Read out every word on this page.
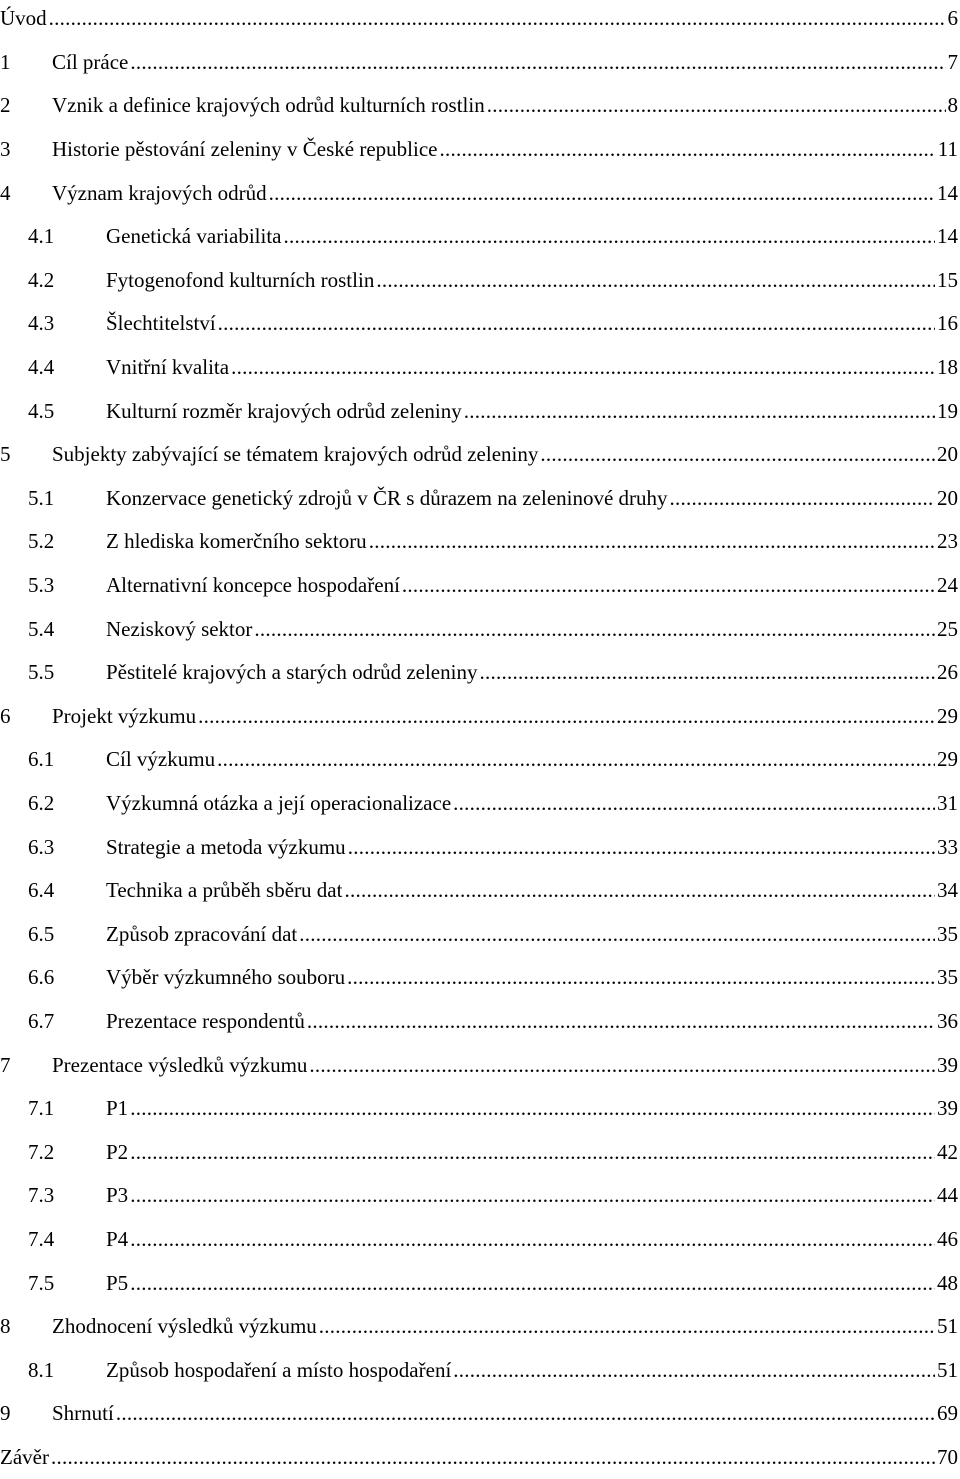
Úvod . . .	6
1	Cíl práce . . .	7
2	Vznik a definice krajových odrůd kulturních rostlin . . .	8
3	Historie pěstování zeleniny v České republice . . .	11
4	Význam krajových odrůd . . .	14
4.1	Genetická variabilita . . .	14
4.2	Fytogenofond kulturních rostlin . . .	15
4.3	Šlechtitelství . . .	16
4.4	Vnitřní kvalita . . .	18
4.5	Kulturní rozměr krajových odrůd zeleniny . . .	19
5	Subjekty zabývající se tématem krajových odrůd zeleniny . . .	20
5.1	Konzervace genetický zdrojů v ČR s důrazem na zeleninové druhy . . .	20
5.2	Z hlediska komerčního sektoru . . .	23
5.3	Alternativní koncepce hospodaření . . .	24
5.4	Neziskový sektor . . .	25
5.5	Pěstitelé krajových a starých odrůd zeleniny . . .	26
6	Projekt výzkumu . . .	29
6.1	Cíl výzkumu . . .	29
6.2	Výzkumná otázka a její operacionalizace . . .	31
6.3	Strategie a metoda výzkumu . . .	33
6.4	Technika a průběh sběru dat . . .	34
6.5	Způsob zpracování dat . . .	35
6.6	Výběr výzkumného souboru . . .	35
6.7	Prezentace respondentů . . .	36
7	Prezentace výsledků výzkumu . . .	39
7.1	P1 . . .	39
7.2	P2 . . .	42
7.3	P3 . . .	44
7.4	P4 . . .	46
7.5	P5 . . .	48
8	Zhodnocení výsledků výzkumu . . .	51
8.1	Způsob hospodaření a místo hospodaření . . .	51
9	Shrnutí . . .	69
Závěr . . .	70
